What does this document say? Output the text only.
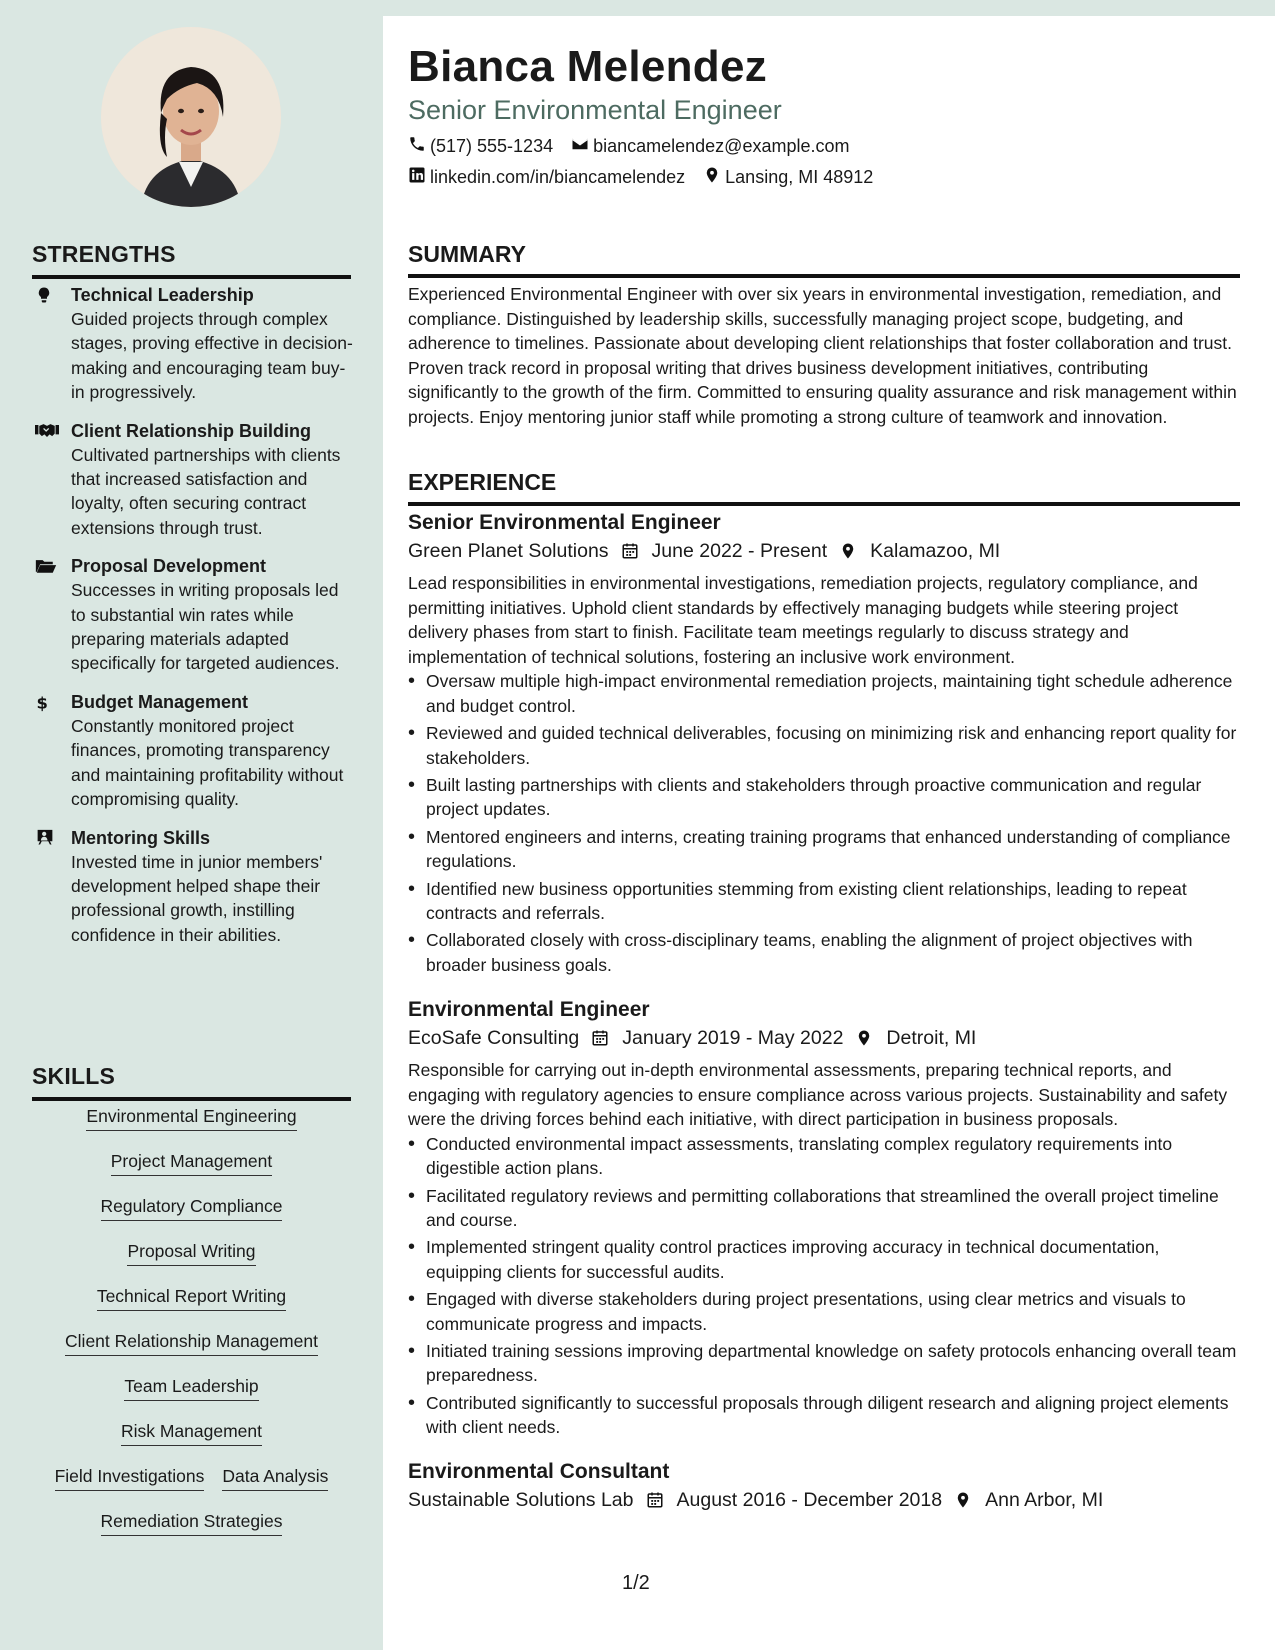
STRENGTHS
Technical Leadership
Guided projects through complex stages, proving effective in decision-making and encouraging team buy-in progressively.
Client Relationship Building
Cultivated partnerships with clients that increased satisfaction and loyalty, often securing contract extensions through trust.
Proposal Development
Successes in writing proposals led to substantial win rates while preparing materials adapted specifically for targeted audiences.
$ Budget Management
Constantly monitored project finances, promoting transparency and maintaining profitability without compromising quality.
Mentoring Skills
Invested time in junior members' development helped shape their professional growth, instilling confidence in their abilities.
SKILLS
Environmental Engineering
Project Management
Regulatory Compliance
Proposal Writing
Technical Report Writing
Client Relationship Management
Team Leadership
Risk Management
Field Investigations Data Analysis
Remediation Strategies
Bianca Melendez
Senior Environmental Engineer
(517) 555-1234 biancamelendez@example.com
linkedin.com/in/biancamelendez Lansing, MI 48912
SUMMARY
Experienced Environmental Engineer with over six years in environmental investigation, remediation, and compliance. Distinguished by leadership skills, successfully managing project scope, budgeting, and adherence to timelines. Passionate about developing client relationships that foster collaboration and trust. Proven track record in proposal writing that drives business development initiatives, contributing significantly to the growth of the firm. Committed to ensuring quality assurance and risk management within projects. Enjoy mentoring junior staff while promoting a strong culture of teamwork and innovation.
EXPERIENCE
Senior Environmental Engineer
Green Planet Solutions June 2022 - Present Kalamazoo, MI
Lead responsibilities in environmental investigations, remediation projects, regulatory compliance, and permitting initiatives. Uphold client standards by effectively managing budgets while steering project delivery phases from start to finish. Facilitate team meetings regularly to discuss strategy and implementation of technical solutions, fostering an inclusive work environment.
• Oversaw multiple high-impact environmental remediation projects, maintaining tight schedule adherence and budget control.
• Reviewed and guided technical deliverables, focusing on minimizing risk and enhancing report quality for stakeholders.
• Built lasting partnerships with clients and stakeholders through proactive communication and regular project updates.
• Mentored engineers and interns, creating training programs that enhanced understanding of compliance regulations.
• Identified new business opportunities stemming from existing client relationships, leading to repeat contracts and referrals.
• Collaborated closely with cross-disciplinary teams, enabling the alignment of project objectives with broader business goals.
Environmental Engineer
EcoSafe Consulting January 2019 - May 2022 Detroit, MI
Responsible for carrying out in-depth environmental assessments, preparing technical reports, and engaging with regulatory agencies to ensure compliance across various projects. Sustainability and safety were the driving forces behind each initiative, with direct participation in business proposals.
• Conducted environmental impact assessments, translating complex regulatory requirements into digestible action plans.
• Facilitated regulatory reviews and permitting collaborations that streamlined the overall project timeline and course.
• Implemented stringent quality control practices improving accuracy in technical documentation, equipping clients for successful audits.
• Engaged with diverse stakeholders during project presentations, using clear metrics and visuals to communicate progress and impacts.
• Initiated training sessions improving departmental knowledge on safety protocols enhancing overall team preparedness.
• Contributed significantly to successful proposals through diligent research and aligning project elements with client needs.
Environmental Consultant
Sustainable Solutions Lab August 2016 - December 2018 Ann Arbor, MI
1/2
